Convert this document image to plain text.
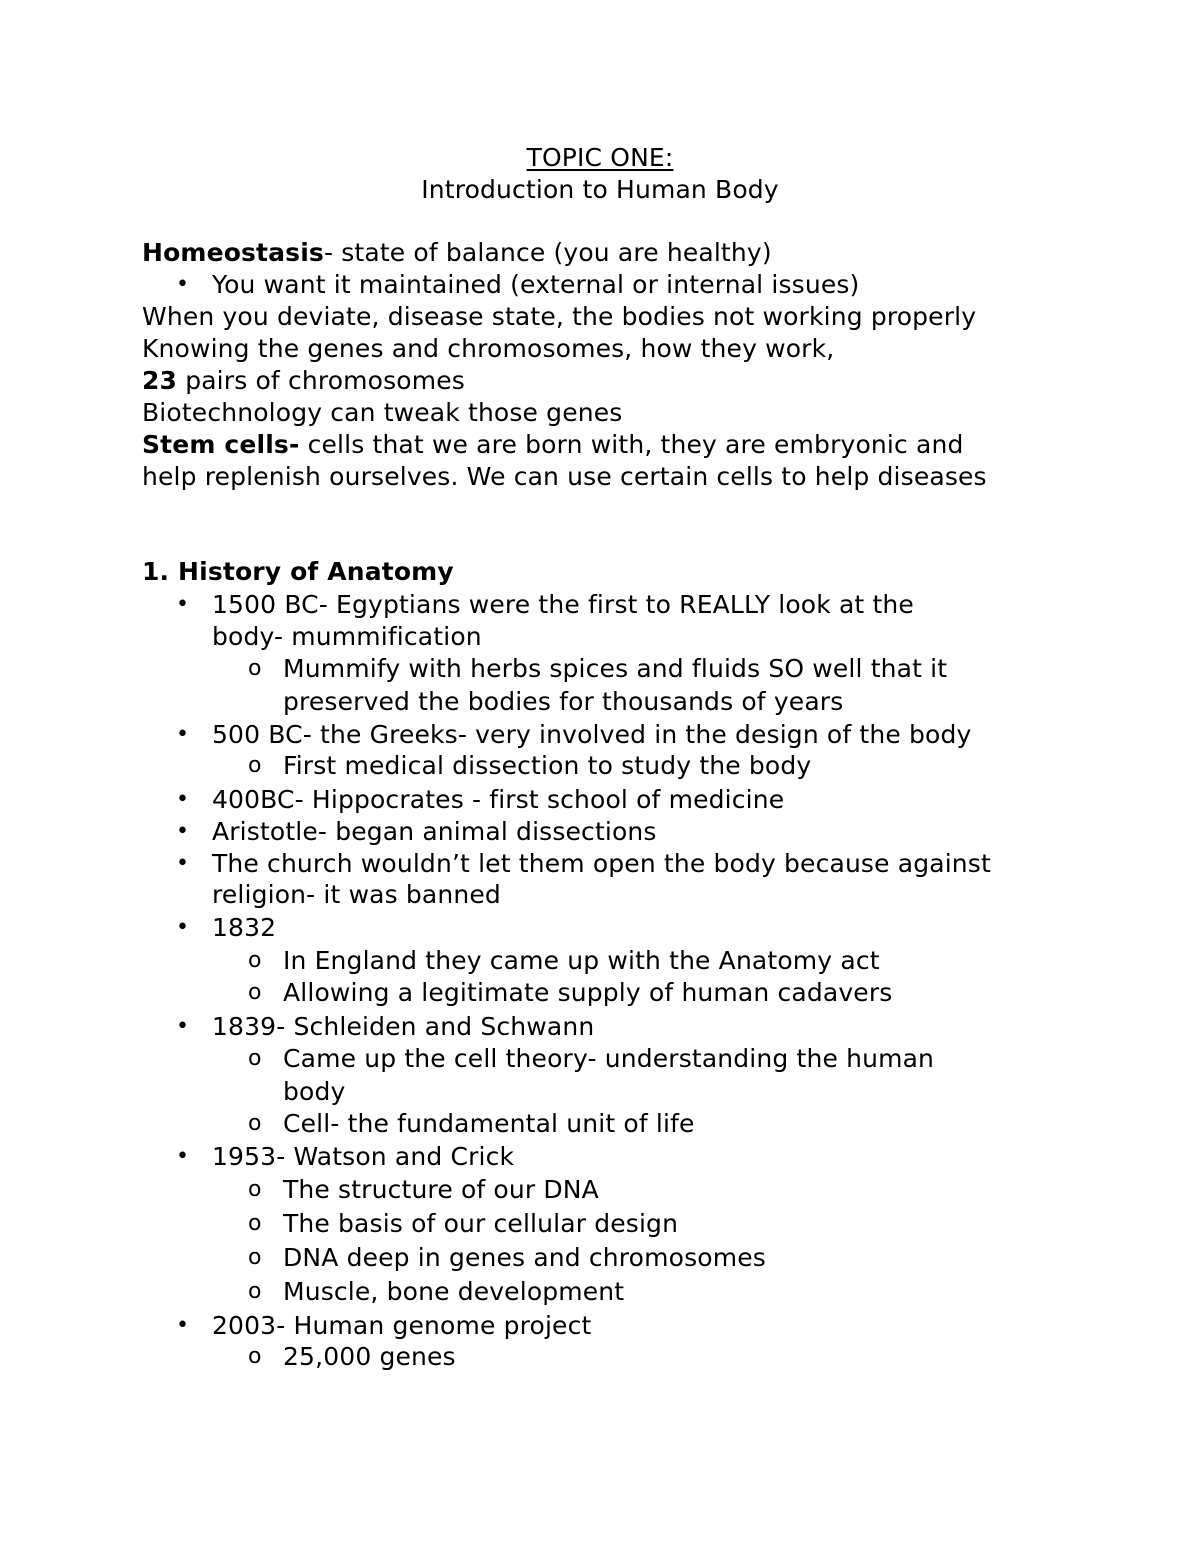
TOPIC ONE:
Introduction to Human Body
Homeostasis- state of balance (you are healthy)
• You want it maintained (external or internal issues)
When you deviate, disease state, the bodies not working properly
Knowing the genes and chromosomes, how they work,
23 pairs of chromosomes
Biotechnology can tweak those genes
Stem cells- cells that we are born with, they are embryonic and
help replenish ourselves. We can use certain cells to help diseases
1. History of Anatomy
• 1500 BC- Egyptians were the first to REALLY look at the
body- mummification
o Mummify with herbs spices and fluids SO well that it
preserved the bodies for thousands of years
• 500 BC- the Greeks- very involved in the design of the body
o First medical dissection to study the body
• 400BC- Hippocrates - first school of medicine
• Aristotle- began animal dissections
• The church wouldn’t let them open the body because against
religion- it was banned
• 1832
o In England they came up with the Anatomy act
o Allowing a legitimate supply of human cadavers
• 1839- Schleiden and Schwann
o Came up the cell theory- understanding the human
body
o Cell- the fundamental unit of life
• 1953- Watson and Crick
o The structure of our DNA
o The basis of our cellular design
o DNA deep in genes and chromosomes
o Muscle, bone development
• 2003- Human genome project
o 25,000 genes
